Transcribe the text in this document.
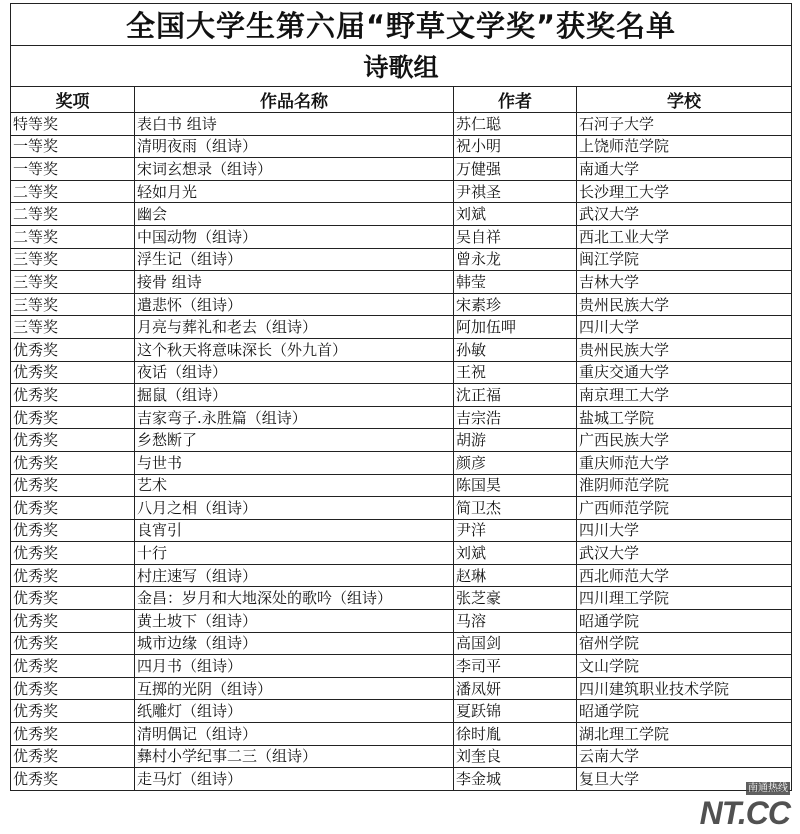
全国大学生第六届“野草文学奖”获奖名单			
诗歌组			
奖项	作品名称	作者	学校
特等奖	表白书 组诗	苏仁聪	石河子大学
一等奖	清明夜雨（组诗）	祝小明	上饶师范学院
一等奖	宋词玄想录（组诗）	万健强	南通大学
二等奖	轻如月光	尹祺圣	长沙理工大学
二等奖	幽会	刘斌	武汉大学
二等奖	中国动物（组诗）	吴自祥	西北工业大学
三等奖	浮生记（组诗）	曾永龙	闽江学院
三等奖	接骨 组诗	韩莹	吉林大学
三等奖	遣悲怀（组诗）	宋素珍	贵州民族大学
三等奖	月亮与葬礼和老去（组诗）	阿加伍呷	四川大学
优秀奖	这个秋天将意味深长（外九首）	孙敏	贵州民族大学
优秀奖	夜话（组诗）	王祝	重庆交通大学
优秀奖	掘鼠（组诗）	沈正福	南京理工大学
优秀奖	吉家弯子.永胜篇（组诗）	吉宗浩	盐城工学院
优秀奖	乡愁断了	胡游	广西民族大学
优秀奖	与世书	颜彦	重庆师范大学
优秀奖	艺术	陈国昊	淮阴师范学院
优秀奖	八月之相（组诗）	简卫杰	广西师范学院
优秀奖	良宵引	尹洋	四川大学
优秀奖	十行	刘斌	武汉大学
优秀奖	村庄速写（组诗）	赵琳	西北师范大学
优秀奖	金昌：岁月和大地深处的歌吟（组诗）	张芝豪	四川理工学院
优秀奖	黄土坡下（组诗）	马溶	昭通学院
优秀奖	城市边缘（组诗）	高国剑	宿州学院
优秀奖	四月书（组诗）	李司平	文山学院
优秀奖	互掷的光阴（组诗）	潘凤妍	四川建筑职业技术学院
优秀奖	纸雕灯（组诗）	夏跃锦	昭通学院
优秀奖	清明偶记（组诗）	徐时胤	湖北理工学院
优秀奖	彝村小学纪事二三（组诗）	刘奎良	云南大学
优秀奖	走马灯（组诗）	李金城	复旦大学
南通热线
NT.CC
